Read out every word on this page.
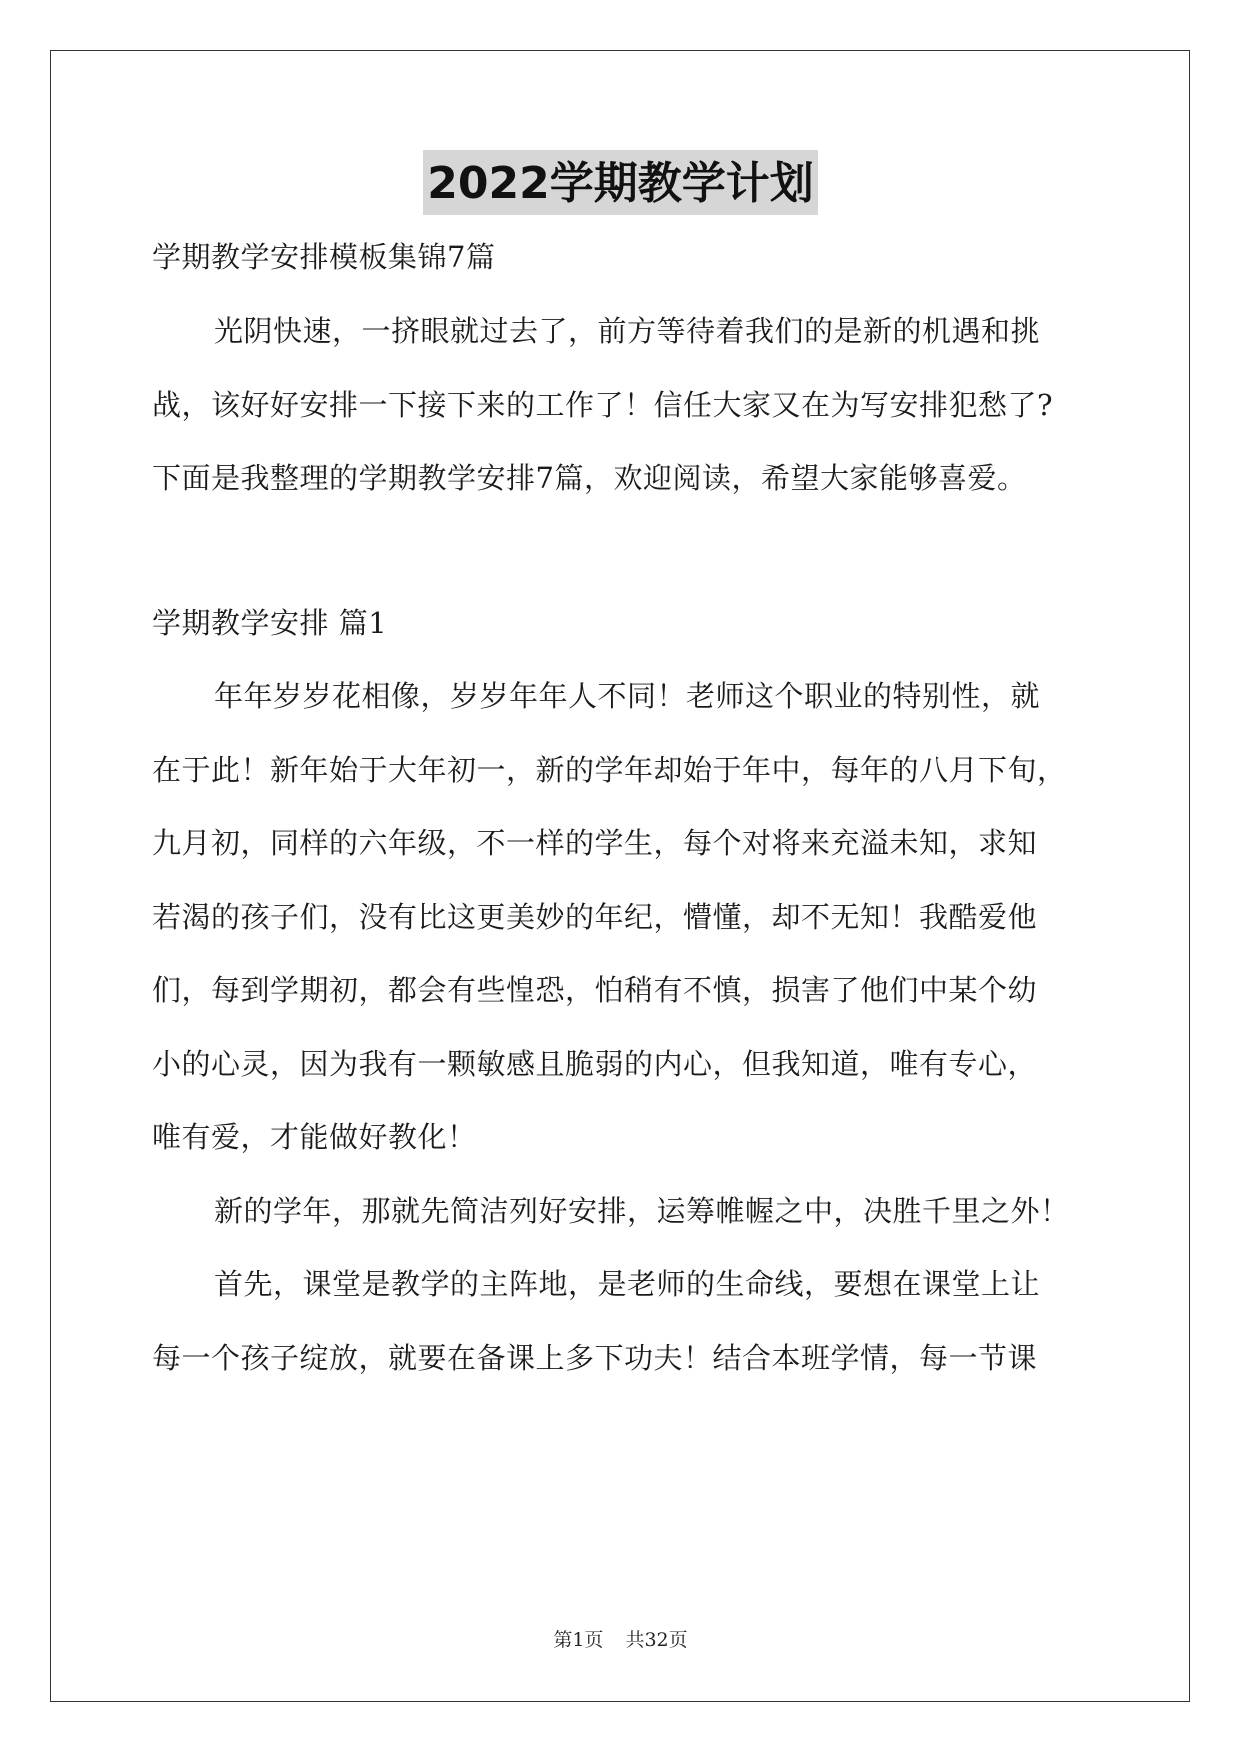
2022学期教学计划
学期教学安排模板集锦7篇
光阴快速，一挤眼就过去了，前方等待着我们的是新的机遇和挑
战，该好好安排一下接下来的工作了！信任大家又在为写安排犯愁了?
下面是我整理的学期教学安排7篇，欢迎阅读，希望大家能够喜爱。
学期教学安排 篇1
年年岁岁花相像，岁岁年年人不同！老师这个职业的特别性，就
在于此！新年始于大年初一，新的学年却始于年中，每年的八月下旬，
九月初，同样的六年级，不一样的学生，每个对将来充溢未知，求知
若渴的孩子们，没有比这更美妙的年纪，懵懂，却不无知！我酷爱他
们，每到学期初，都会有些惶恐，怕稍有不慎，损害了他们中某个幼
小的心灵，因为我有一颗敏感且脆弱的内心，但我知道，唯有专心，
唯有爱，才能做好教化！
新的学年，那就先简洁列好安排，运筹帷幄之中，决胜千里之外！
首先，课堂是教学的主阵地，是老师的生命线，要想在课堂上让
每一个孩子绽放，就要在备课上多下功夫！结合本班学情，每一节课
第1页 共32页
